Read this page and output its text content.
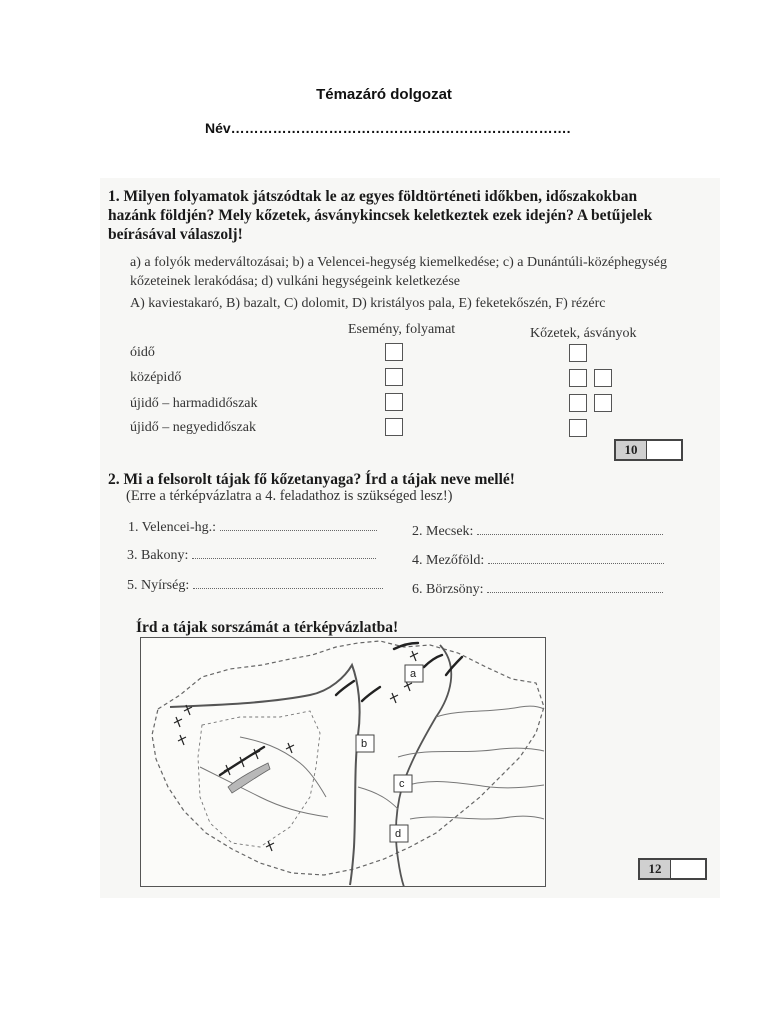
Témazáró dolgozat
Név……………………………………………………………….
1. Milyen folyamatok játszódtak le az egyes földtörténeti időkben, időszakokban hazánk földjén? Mely kőzetek, ásványkincsek keletkeztek ezek idején? A betűjelek beírásával válaszolj!
a) a folyók mederváltozásai; b) a Velencei-hegység kiemelkedése; c) a Dunántúli-középhegység kőzeteinek lerakódása; d) vulkáni hegységeink keletkezése
A) kaviestakaró, B) bazalt, C) dolomit, D) kristályos pala, E) feketekőszén, F) rézérc
Esemény, folyamat	Kőzetek, ásványok
óidő
középidő
újidő – harmadidőszak
újidő – negyedidőszak
10
2. Mi a felsorolt tájak fő kőzetanyaga? Írd a tájak neve mellé!
(Erre a térképvázlatra a 4. feladathoz is szükséged lesz!)
1. Velencei-hg.:	2. Mecsek:
3. Bakony:	4. Mezőföld:
5. Nyírség:	6. Börzsöny:
Írd a tájak sorszámát a térképvázlatba!
a
b
c
d
12
